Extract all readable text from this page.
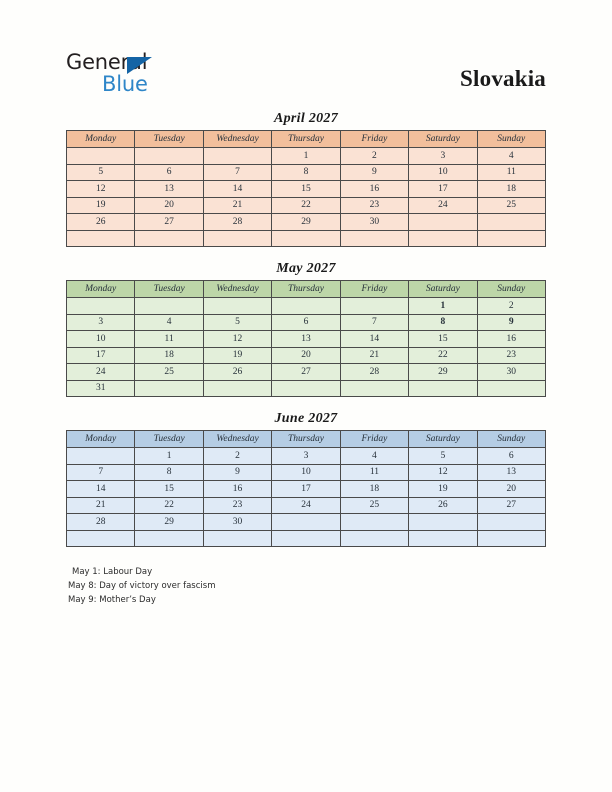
General
Blue	Slovakia
April 2027
Monday	Tuesday	Wednesday	Thursday	Friday	Saturday	Sunday
			1	2	3	4
5	6	7	8	9	10	11
12	13	14	15	16	17	18
19	20	21	22	23	24	25
26	27	28	29	30		

May 2027
Monday	Tuesday	Wednesday	Thursday	Friday	Saturday	Sunday
					1	2
3	4	5	6	7	8	9
10	11	12	13	14	15	16
17	18	19	20	21	22	23
24	25	26	27	28	29	30
31						
June 2027
Monday	Tuesday	Wednesday	Thursday	Friday	Saturday	Sunday
	1	2	3	4	5	6
7	8	9	10	11	12	13
14	15	16	17	18	19	20
21	22	23	24	25	26	27
28	29	30				

May 1: Labour Day
May 8: Day of victory over fascism
May 9: Mother’s Day
